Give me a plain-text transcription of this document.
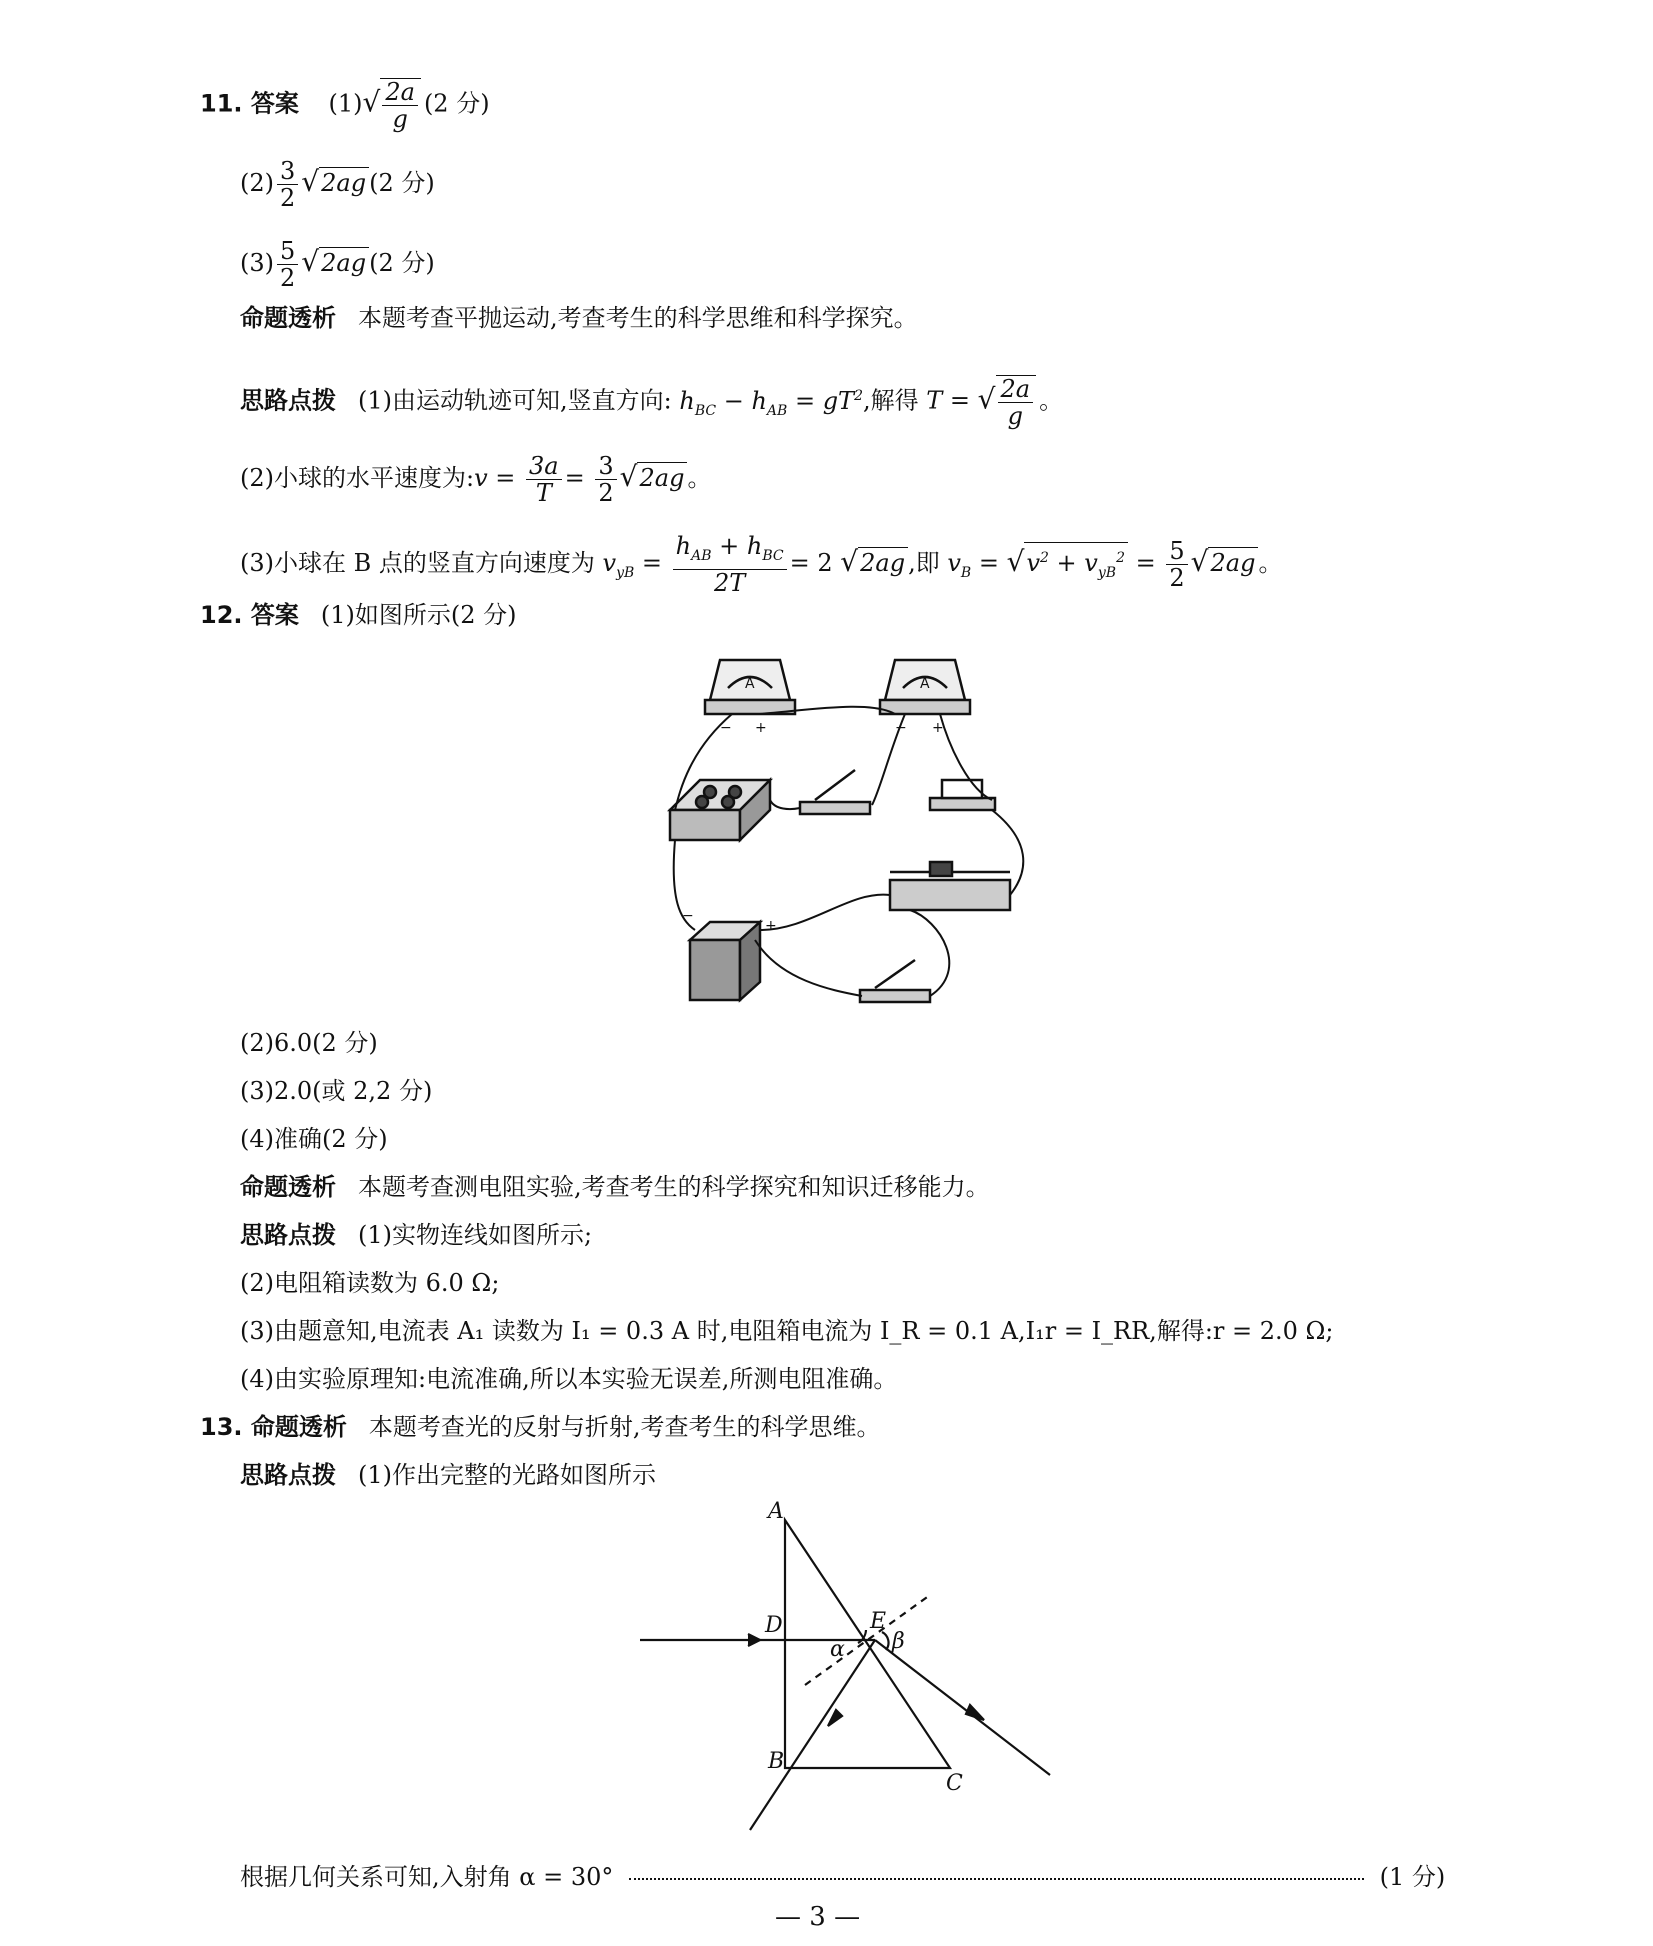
11. 答案 $(1)√ \frac{2a}{g} (2$ 分)
$(2) \frac{3}{2} √2ag$ (2 分)
$(3) \frac{5}{2} √2ag$ (2 分)
命题透析 本题考查平抛运动,考查考生的科学思维和科学探究。
思路点拨 (1)由运动轨迹可知,竖直方向: $h_{BC} - h_{AB} = gT^2$,解得 T = √ $\frac{2a}{g}$ 。
(2)小球的水平速度为:v = $\frac{3a}{T} = \frac{3}{2} √2ag$ 。
(3)小球在 B 点的竖直方向速度为 $v_{yB} = \frac{h_{AB} + h_{BC}}{2T} = 2$ √2ag ,即 $v_B = √v^2 + v_{yB}^2 = \frac{5}{2} √2ag$ 。
12. 答案 (1)如图所示(2 分)
A	A
− +	− +
−
+
(2)6.0(2 分)
(3)2.0(或 2,2 分)
(4)准确(2 分)
命题透析 本题考查测电阻实验,考查考生的科学探究和知识迁移能力。
思路点拨 (1)实物连线如图所示;
(2)电阻箱读数为 6.0 Ω;
(3)由题意知,电流表 A₁ 读数为 I₁ = 0.3 A 时,电阻箱电流为 I_R = 0.1 A,I₁r = I_RR,解得:r = 2.0 Ω;
(4)由实验原理知:电流准确,所以本实验无误差,所测电阻准确。
13. 命题透析 本题考查光的反射与折射,考查考生的科学思维。
思路点拨 (1)作出完整的光路如图所示
A
B
C
D	E
α β
根据几何关系可知,入射角 α = 30°	(1 分)
— 3 —
